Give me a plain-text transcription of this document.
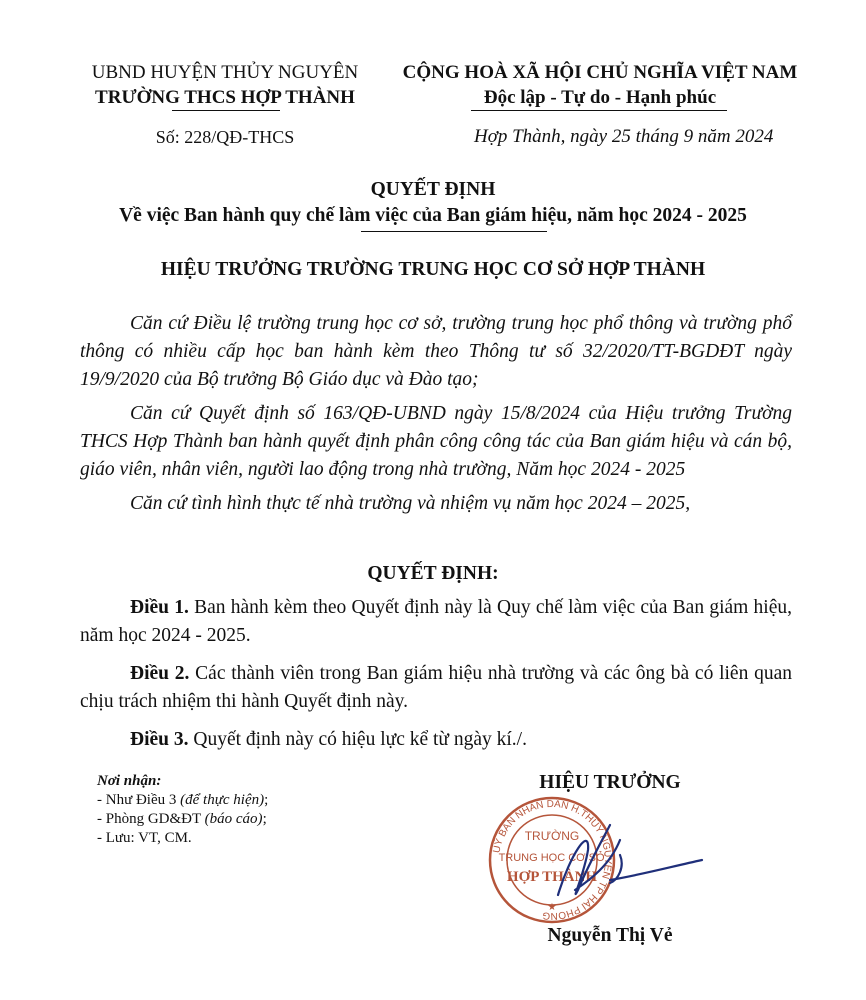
UBND HUYỆN THỦY NGUYÊN
TRƯỜNG THCS HỢP THÀNH
CỘNG HOÀ XÃ HỘI CHỦ NGHĨA VIỆT NAM
Độc lập - Tự do - Hạnh phúc
Số: 228/QĐ-THCS	Hợp Thành, ngày 25 tháng 9 năm 2024
QUYẾT ĐỊNH
Về việc Ban hành quy chế làm việc của Ban giám hiệu, năm học 2024 - 2025
HIỆU TRƯỞNG TRƯỜNG TRUNG HỌC CƠ SỞ HỢP THÀNH

Căn cứ Điều lệ trường trung học cơ sở, trường trung học phổ thông và trường phổ thông có nhiều cấp học ban hành kèm theo Thông tư số 32/2020/TT-BGDĐT ngày 19/9/2020 của Bộ trưởng Bộ Giáo dục và Đào tạo;

Căn cứ Quyết định số 163/QĐ-UBND ngày 15/8/2024 của Hiệu trưởng Trường THCS Hợp Thành ban hành quyết định phân công công tác của Ban giám hiệu và cán bộ, giáo viên, nhân viên, người lao động trong nhà trường, Năm học 2024 - 2025

Căn cứ tình hình thực tế nhà trường và nhiệm vụ năm học 2024 – 2025,

QUYẾT ĐỊNH:

Điều 1. Ban hành kèm theo Quyết định này là Quy chế làm việc của Ban giám hiệu, năm học 2024 - 2025.

Điều 2. Các thành viên trong Ban giám hiệu nhà trường và các ông bà có liên quan chịu trách nhiệm thi hành Quyết định này.

Điều 3. Quyết định này có hiệu lực kể từ ngày kí./.

Nơi nhận:
- Như Điều 3 (để thực hiện);
- Phòng GD&ĐT (báo cáo);
- Lưu: VT, CM.
HIỆU TRƯỞNG
UỶ BAN NHÂN DÂN H.THỦY NGUYÊN TP HẢI PHÒNG
TRƯỜNG
TRUNG HỌC CƠ SỞ
HỢP THÀNH
★
Nguyễn Thị Vẻ
